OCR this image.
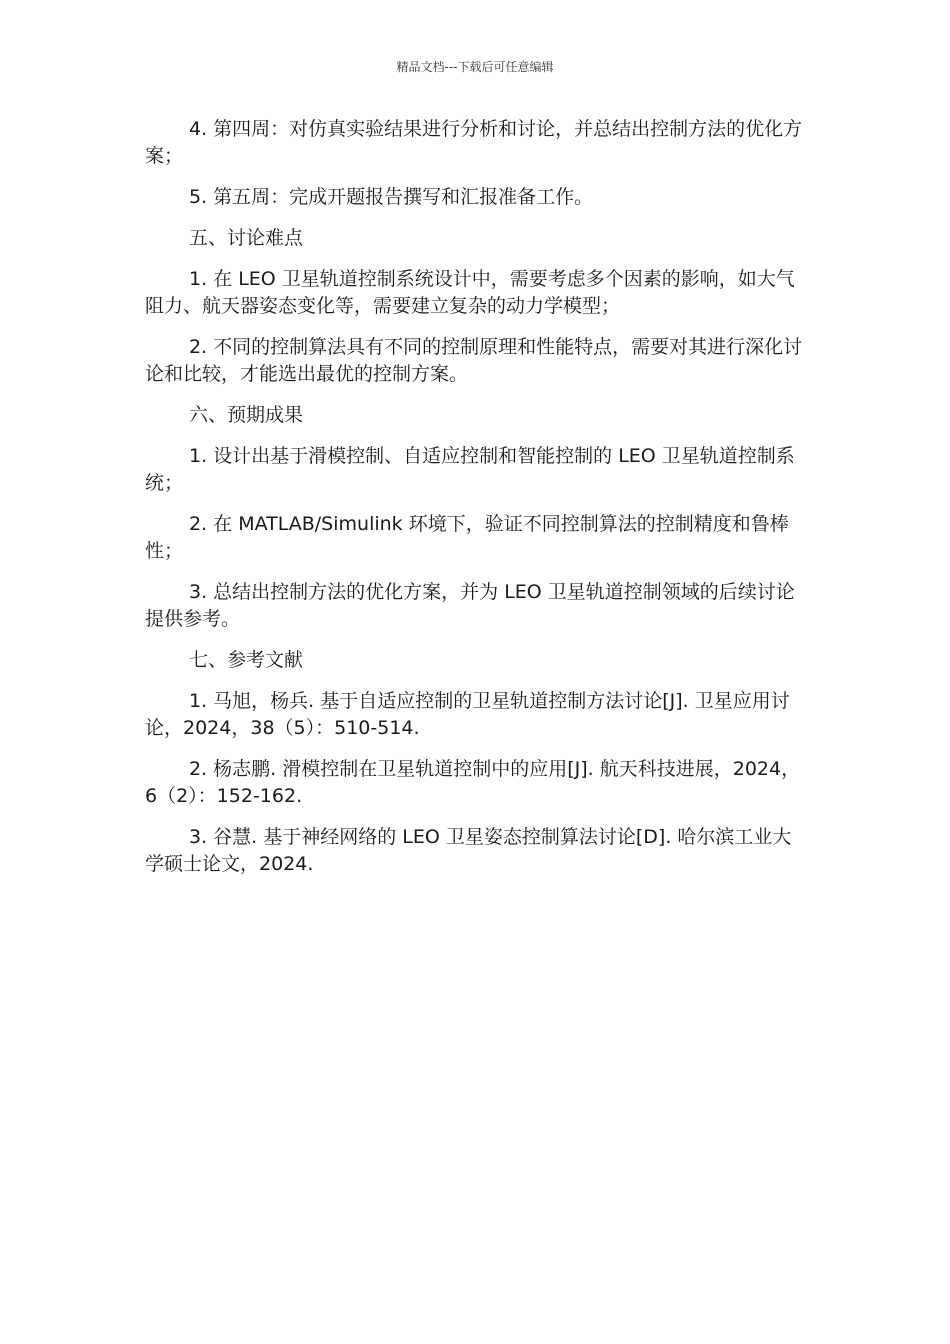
精品文档---下载后可任意编辑

4. 第四周：对仿真实验结果进行分析和讨论，并总结出控制方法的优化方案；

5. 第五周：完成开题报告撰写和汇报准备工作。

五、讨论难点

1. 在 LEO 卫星轨道控制系统设计中，需要考虑多个因素的影响，如大气阻力、航天器姿态变化等，需要建立复杂的动力学模型；

2. 不同的控制算法具有不同的控制原理和性能特点，需要对其进行深化讨论和比较，才能选出最优的控制方案。

六、预期成果

1. 设计出基于滑模控制、自适应控制和智能控制的 LEO 卫星轨道控制系统；

2. 在 MATLAB/Simulink 环境下，验证不同控制算法的控制精度和鲁棒性；

3. 总结出控制方法的优化方案，并为 LEO 卫星轨道控制领域的后续讨论提供参考。

七、参考文献

1. 马旭，杨兵. 基于自适应控制的卫星轨道控制方法讨论[J]. 卫星应用讨论，2024，38（5）：510-514.

2. 杨志鹏. 滑模控制在卫星轨道控制中的应用[J]. 航天科技进展，2024，6（2）：152-162.

3. 谷慧. 基于神经网络的 LEO 卫星姿态控制算法讨论[D]. 哈尔滨工业大学硕士论文，2024.
